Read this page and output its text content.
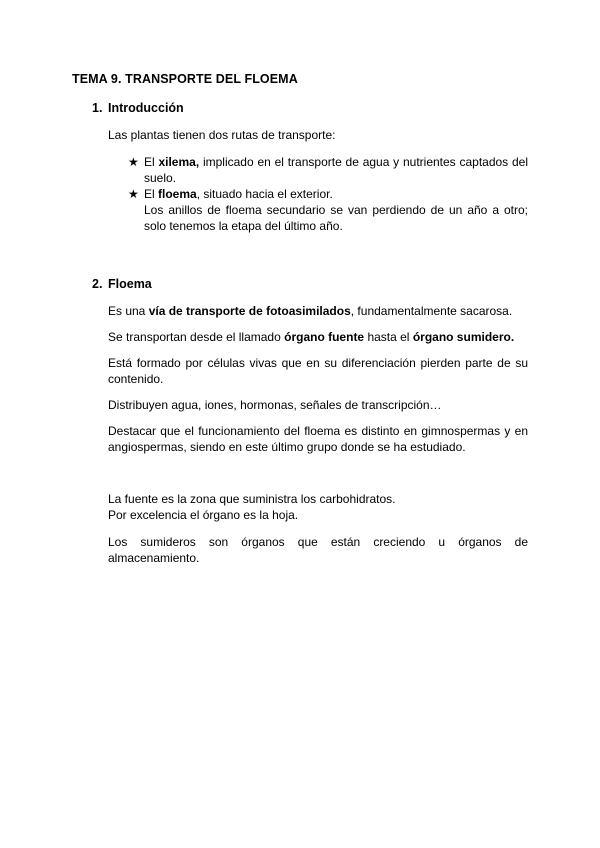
TEMA 9. TRANSPORTE DEL FLOEMA
1. Introducción
Las plantas tienen dos rutas de transporte:
★ El xilema, implicado en el transporte de agua y nutrientes captados del suelo.
★ El floema, situado hacia el exterior.

Los anillos de floema secundario se van perdiendo de un año a otro; solo tenemos la etapa del último año.
2. Floema
Es una vía de transporte de fotoasimilados, fundamentalmente sacarosa.
Se transportan desde el llamado órgano fuente hasta el órgano sumidero.
Está formado por células vivas que en su diferenciación pierden parte de su contenido.
Distribuyen agua, iones, hormonas, señales de transcripción…
Destacar que el funcionamiento del floema es distinto en gimnospermas y en angiospermas, siendo en este último grupo donde se ha estudiado.
La fuente es la zona que suministra los carbohidratos.
Por excelencia el órgano es la hoja.
Los sumideros son órganos que están creciendo u órganos de almacenamiento.
